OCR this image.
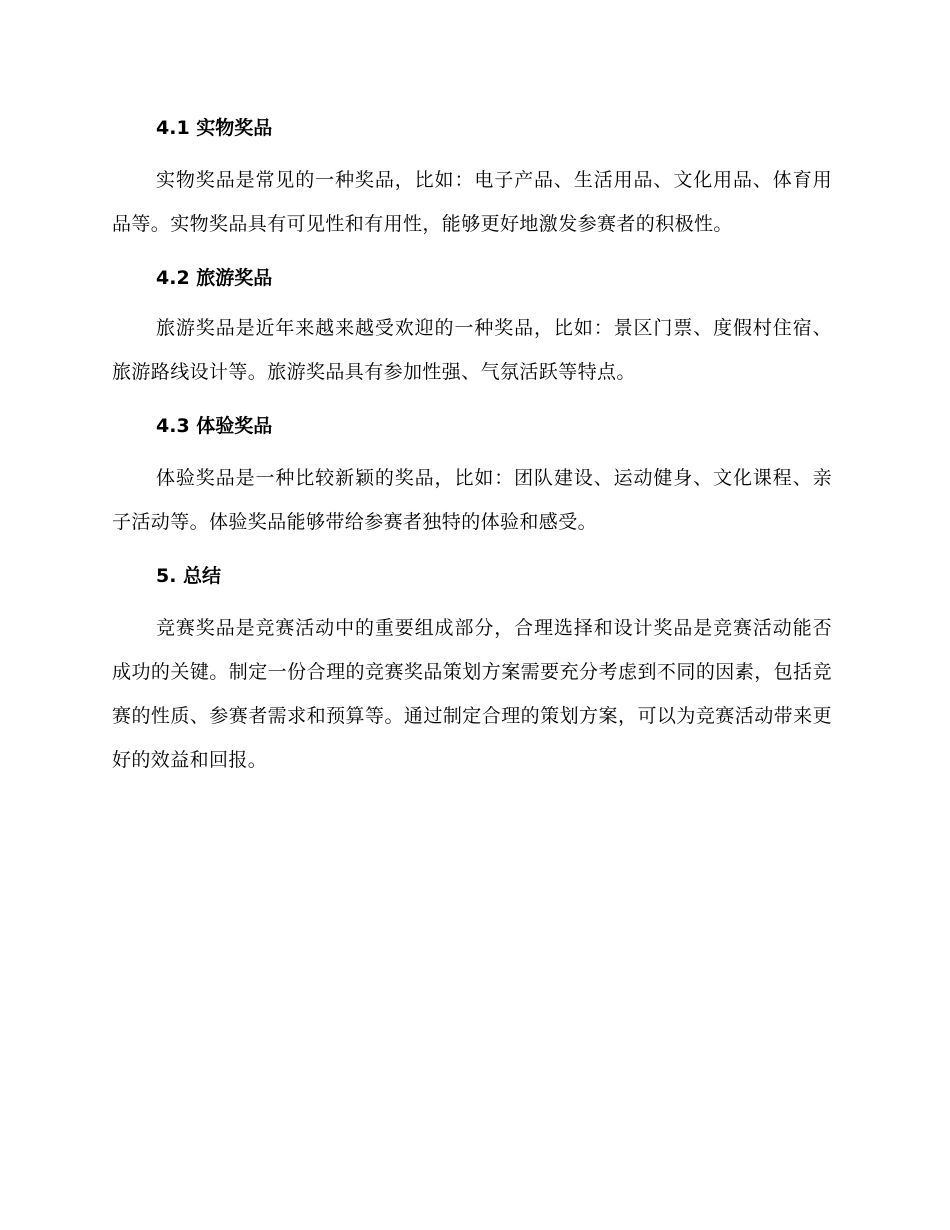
4.1 实物奖品

实物奖品是常见的一种奖品，比如：电子产品、生活用品、文化用品、体育用品等。实物奖品具有可见性和有用性，能够更好地激发参赛者的积极性。

4.2 旅游奖品

旅游奖品是近年来越来越受欢迎的一种奖品，比如：景区门票、度假村住宿、旅游路线设计等。旅游奖品具有参加性强、气氛活跃等特点。

4.3 体验奖品

体验奖品是一种比较新颖的奖品，比如：团队建设、运动健身、文化课程、亲子活动等。体验奖品能够带给参赛者独特的体验和感受。

5. 总结

竞赛奖品是竞赛活动中的重要组成部分，合理选择和设计奖品是竞赛活动能否成功的关键。制定一份合理的竞赛奖品策划方案需要充分考虑到不同的因素，包括竞赛的性质、参赛者需求和预算等。通过制定合理的策划方案，可以为竞赛活动带来更好的效益和回报。
